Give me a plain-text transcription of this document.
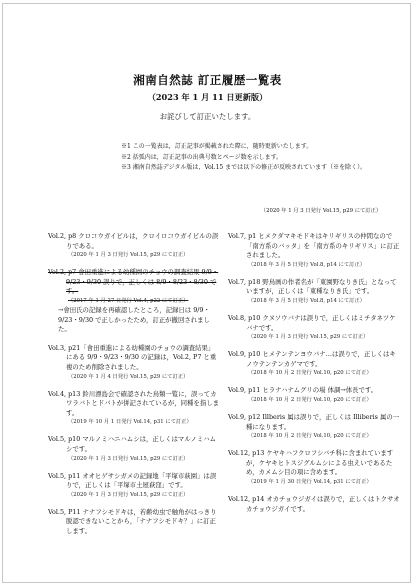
湘南自然誌 訂正履歴一覧表
（2023 年 1 月 11 日更新版）
お詫びして訂正いたします。
※1 この一覧表は，訂正記事が掲載された際に，随時更新いたします。
※2 括弧内は，訂正記事の出典号数とページ数を示します。
※3 湘南自然誌デジタル版は，Vol.15 までは以下の修正が反映されています（※を除く）。
Vol.2, p8 クロコウガイビルは，クロイロコウガイビルの誤りである。
（2020 年 1 月 3 日発行 Vol.15, p29 にて訂正）
Vol.2, p7 會田重進による幼種園のチョウの調査結果 9/9・9/23・9/30 誤りで，正しくは 8/9・8/23・8/30 です。
（2017 年 1 月 27 日発行 Vol.4, p22 にて訂正）
→會田氏の記録を再確認したところ，記録日は 9/9・9/23・9/30 で正しかったため，訂正が撤回されました。
Vol.3, p21「會田重進による幼種園のチョウの調査結果」にある 9/9・9/23・9/30 の記録は，Vol.2, P7 と重複のため削除されました。
（2020 年 1 月 4 日発行 Vol.15, p29 にて訂正）
Vol.4, p13 鈴川漂島会で確認された鳥類一覧に，誤ってカワラバトとドバトが併記されているが，同種を指します。
（2019 年 10 月 1 日発行 Vol.14, p31 にて訂正）
Vol.5, p10 マルノミハニハムシは，正しくはマルノミハムシです。
（2020 年 1 月 3 日発行 Vol.15, p29 にて訂正）
Vol.5, p11 オオヒゲサシガメの記録地「平塚市萩園」は誤りで，正しくは「平塚市土屋萩窪」です。
（2020 年 1 月 3 日発行 Vol.15, p29 にて訂正）
Vol.5, P11 ナナフシモドキは，若齢幼虫で触角がはっきり脱認できないことから，「ナナフシモドキ？」に訂正します。
（2020 年 1 月 3 日発行 Vol.15, p29 にて訂正）
Vol.7, p1 ヒメクダマキモドキはキリギリスの仲間なので「南方系のバッタ」を「南方系のキリギリス」に訂正されました。
（2018 年 3 月 5 日発行 Vol.8, p14 にて訂正）
Vol.7, p18 野鳥画の作者名が「東園野なりき氏」となっていますが，正しくは「東種なりき氏」です。
（2018 年 3 月 5 日発行 Vol.8, p14 にて訂正）
Vol.8, p10 クヌソウバナは誤りで，正しくはミチタネツケバナです。
（2020 年 1 月 3 日発行 Vol.15, p29 にて訂正）
Vol.9, p10 ヒメテンテンヨウバナ…は誤りで，正しくはキノウテンテンカゲマです。
（2018 年 10 月 2 日発行 Vol.10, p20 にて訂正）
Vol.9, p11 ヒラナハナムグリの場 体調→体長です。
（2018 年 10 月 2 日発行 Vol.10, p20 にて訂正）
Vol.9, p12 Illberis 属は誤りで，正しくは Illiberis 属の一種になります。
（2018 年 10 月 2 日発行 Vol.10, p20 にて訂正）
Vol.12, p13 ケヤキハフクロフシバチ科に含まれていますが，ケヤキヒトスジグルムシによる虫えいであるため，カメムシ目の項に含めます。
（2019 年 1 月 30 日発行 Vol.14, p31 にて訂正）
Vol.12, p14 オカチョウジガイは誤りで，正しくはトクサオカチョウジガイです。
